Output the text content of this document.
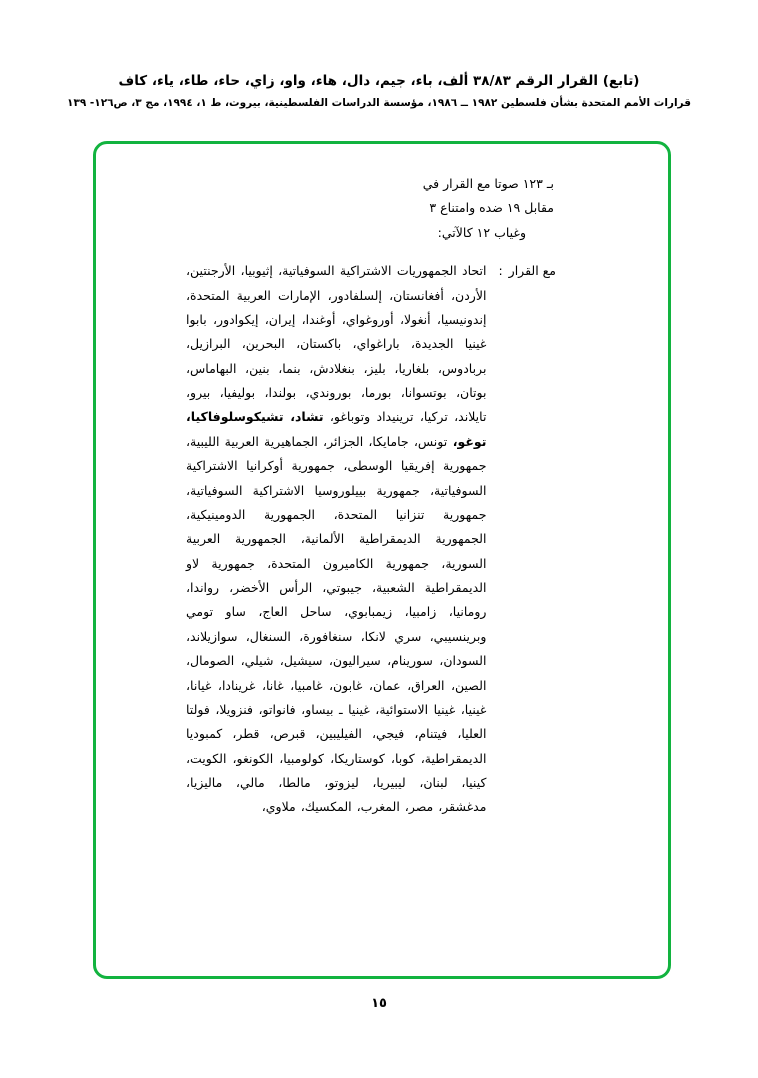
(تابع) القرار الرقم ٣٨/٨٣ ألف، باء، جيم، دال، هاء، واو، زاي، حاء، طاء، ياء، كاف
قرارات الأمم المتحدة بشأن فلسطين ١٩٨٢ ــ ١٩٨٦، مؤسسة الدراسات الفلسطينية، بيروت، ط ١، ١٩٩٤، مج ٣، ص١٢٦- ١٣٩
بـ ١٢٣ صوتا مع القرار في
مقابل ١٩ ضده وامتناع ٣
وغياب ١٢ كالآتي:
مع القرار:
اتحاد الجمهوريات الاشتراكية السوفياتية، إثيوبيا، الأرجنتين، الأردن، أفغانستان، إلسلفادور، الإمارات العربية المتحدة، إندونيسيا، أنغولا، أوروغواي، أوغندا، إيران، إيكوادور، بابوا غينيا الجديدة، باراغواي، باكستان، البحرين، البرازيل، بربادوس، بلغاريا، بليز، بنغلادش، بنما، بنين، البهاماس، بوتان، بوتسوانا، بورما، بوروندي، بولندا، بوليفيا، بيرو، تايلاند، تركيا، ترينيداد وتوباغو، تشاد، تشيكوسلوفاكيا، توغو، تونس، جامايكا، الجزائر، الجماهيرية العربية الليبية، جمهورية إفريقيا الوسطى، جمهورية أوكرانيا الاشتراكية السوفياتية، جمهورية بييلوروسيا الاشتراكية السوفياتية، جمهورية تنزانيا المتحدة، الجمهورية الدومينيكية، الجمهورية الديمقراطية الألمانية، الجمهورية العربية السورية، جمهورية الكاميرون المتحدة، جمهورية لاو الديمقراطية الشعبية، جيبوتي، الرأس الأخضر، رواندا، رومانيا، زامبيا، زيمبابوي، ساحل العاج، ساو تومي وبرينسيبي، سري لانكا، سنغافورة، السنغال، سوازيلاند، السودان، سورينام، سيراليون، سيشيل، شيلي، الصومال، الصين، العراق، عمان، غابون، غامبيا، غانا، غرينادا، غيانا، غينيا، غينيا الاستوائية، غينيا ـ بيساو، فانواتو، فنزويلا، فولتا العليا، فيتنام، فيجي، الفيليبين، قبرص، قطر، كمبوديا الديمقراطية، كوبا، كوستاريكا، كولومبيا، الكونغو، الكويت، كينيا، لبنان، ليبيريا، ليزوتو، مالطا، مالي، ماليزيا، مدغشقر، مصر، المغرب، المكسيك، ملاوي،
١٥
